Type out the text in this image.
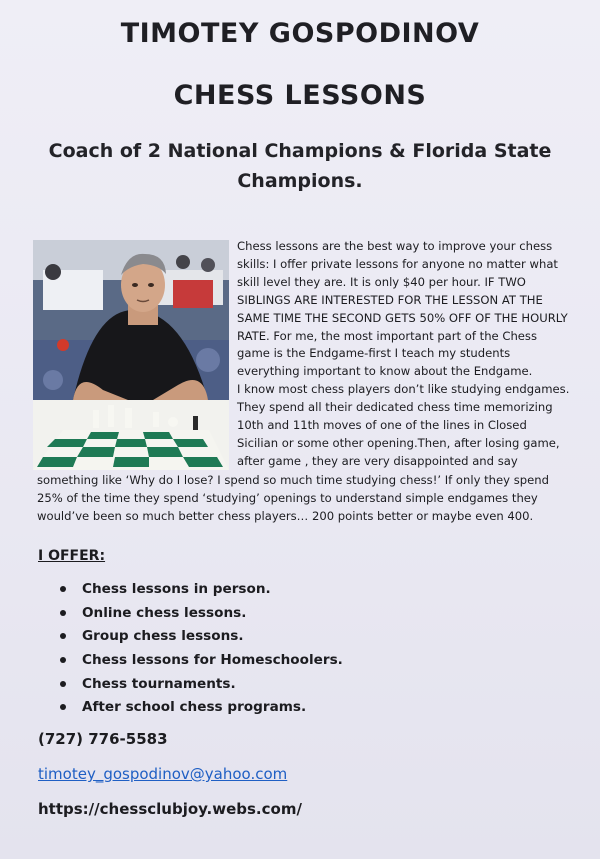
TIMOTEY GOSPODINOV
CHESS LESSONS
Coach of 2 National Champions & Florida State Champions.
Chess lessons are the best way to improve your chess
skills: I offer private lessons for anyone no matter what
skill level they are. It is only $40 per hour. IF TWO
SIBLINGS ARE INTERESTED FOR THE LESSON AT THE
SAME TIME THE SECOND GETS 50% OFF OF THE HOURLY
RATE. For me, the most important part of the Chess
game is the Endgame-first I teach my students
everything important to know about the Endgame.
I know most chess players don’t like studying endgames.
They spend all their dedicated chess time memorizing
10th and 11th moves of one of the lines in Closed
Sicilian or some other opening.Then, after losing game,
after game , they are very disappointed and say
something like ‘Why do I lose? I spend so much time studying chess!’ If only they spend
25% of the time they spend ‘studying’ openings to understand simple endgames they
would’ve been so much better chess players… 200 points better or maybe even 400.
I OFFER:
Chess lessons in person.
Online chess lessons.
Group chess lessons.
Chess lessons for Homeschoolers.
Chess tournaments.
After school chess programs.
(727) 776-5583
timotey_gospodinov@yahoo.com
https://chessclubjoy.webs.com/
